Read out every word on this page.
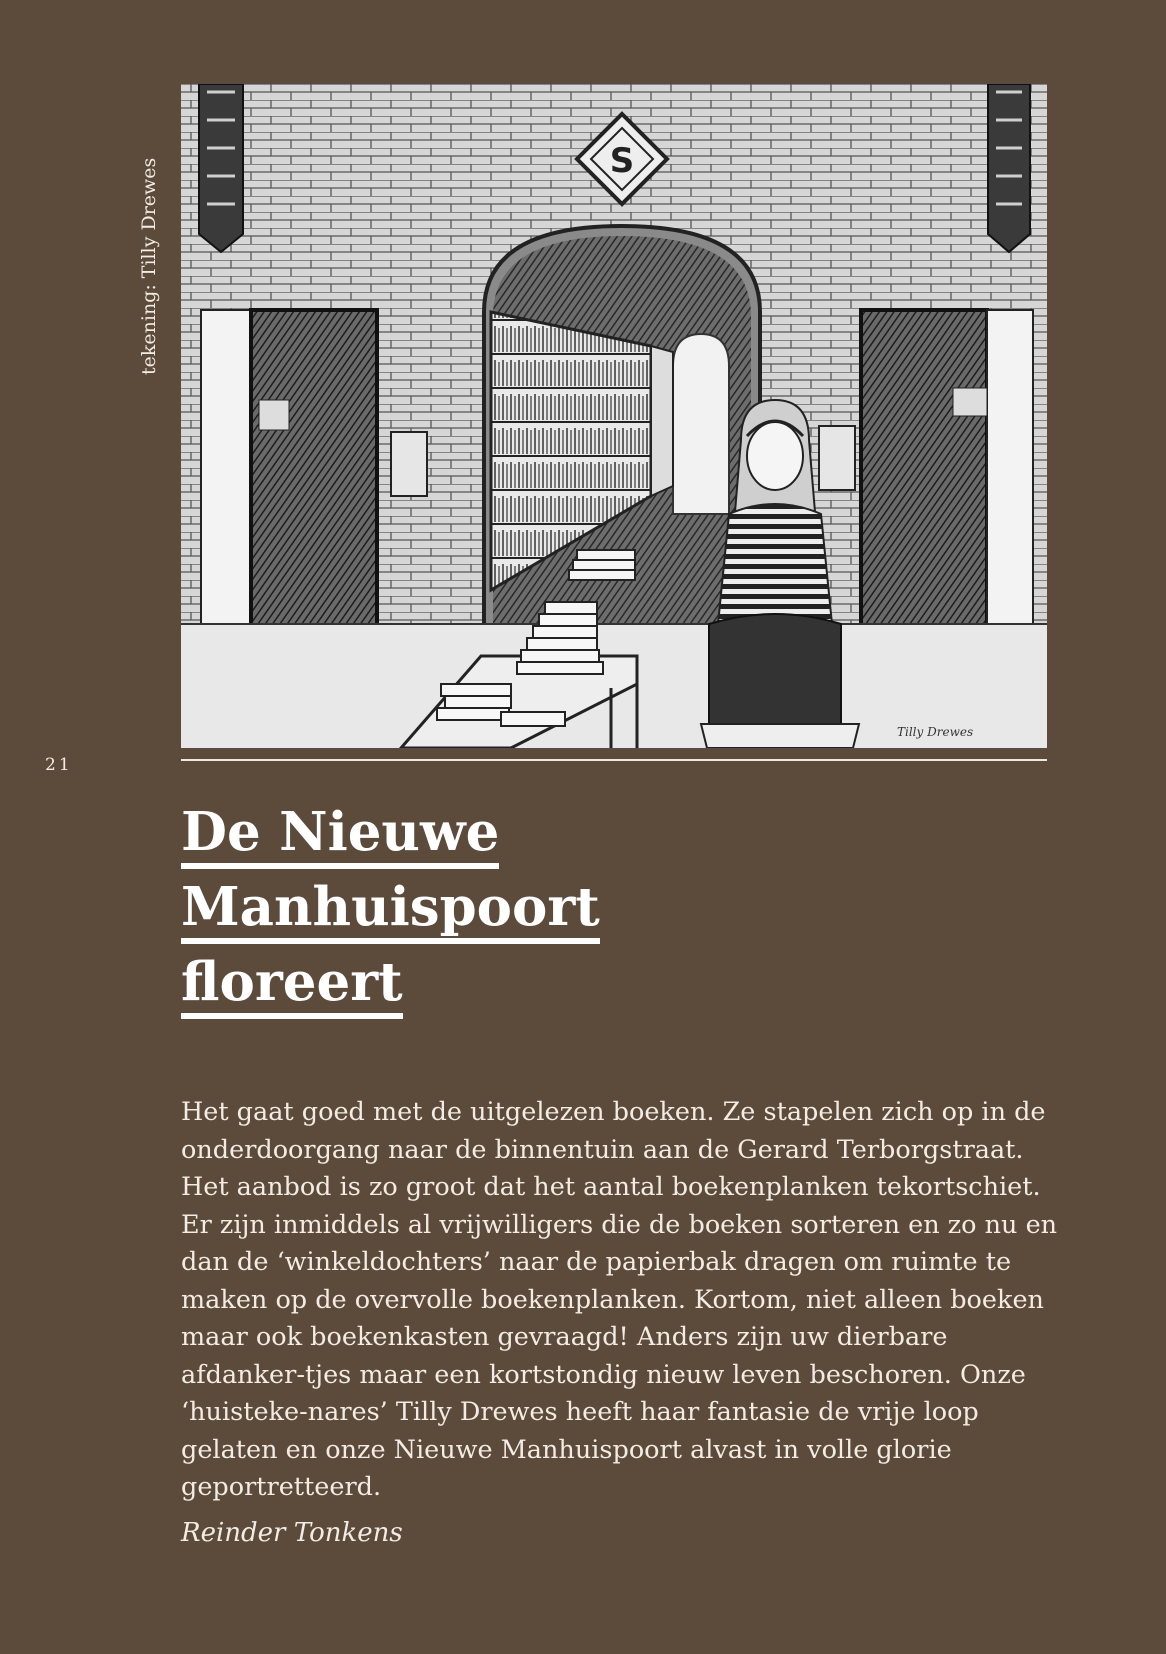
tekening: Tilly Drewes	S
Tilly Drewes
21
De Nieuwe
Manhuispoort
floreert

Het gaat goed met de uitgelezen boeken. Ze stapelen zich op in de onderdoorgang naar de binnentuin aan de Gerard Terborgstraat. Het aanbod is zo groot dat het aantal boekenplanken tekortschiet. Er zijn inmiddels al vrijwilligers die de boeken sorteren en zo nu en dan de ‘winkeldochters’ naar de papierbak dragen om ruimte te maken op de overvolle boekenplanken. Kortom, niet alleen boeken maar ook boekenkasten gevraagd! Anders zijn uw dierbare afdanker-tjes maar een kortstondig nieuw leven beschoren. Onze ‘huisteke-nares’ Tilly Drewes heeft haar fantasie de vrije loop gelaten en onze Nieuwe Manhuispoort alvast in volle glorie geportretteerd.

Reinder Tonkens
